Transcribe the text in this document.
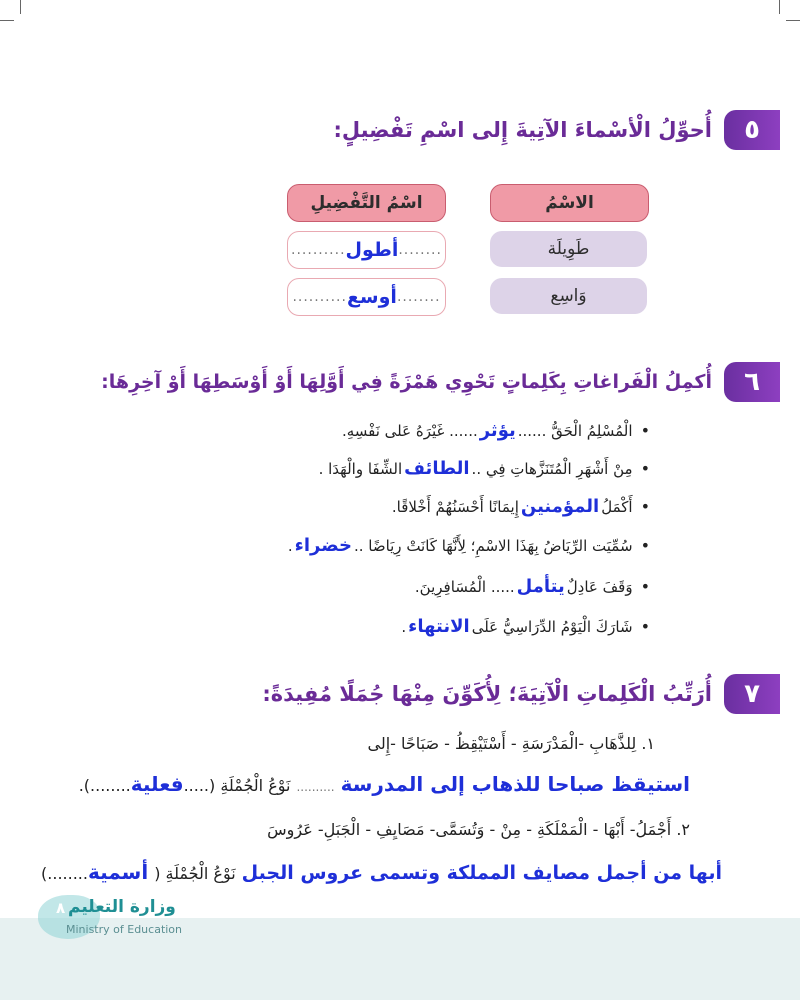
٥
أُحوِّلُ الْأسْماءَ الآتِيةَ إِلى اسْمِ تَفْضِيلٍ:
الاسْمُ
اسْمُ التَّفْضِيلِ
طَوِيلَة
........
أطول
..........
وَاسِع
........
أوسع
..........
٦
أُكمِلُ الْفَراغاتِ بِكَلِماتٍ تَحْوِي هَمْزَةً فِي أَوَّلِهَا أَوْ أَوْسَطِهَا أَوْ آخِرِهَا:
•
الْمُسْلِمُ الْحَقُّ ......
يؤثر
...... غَيْرَهُ عَلى نَفْسِهِ.
•
مِنْ أَشْهَرِ الْمُتَنَزَّهاتِ فِي ..
الطائف
الشِّفَا والْهَدَا .
•
أَكْمَلُ
المؤمنين
إِيمَانًا أَحْسَنُهُمْ أَخْلاقًا.
•
سُمِّيَت الرِّيَاضُ بِهَذَا الاسْمِ؛ لِأَنَّهَا كَانَتْ رِيَاضًا ..
خضراء
.
•
وَقَفَ عَادِلٌ
يتأمل
..... الْمُسَافِرِينَ.
•
شَارَكَ الْيَوْمُ الدِّرَاسِيُّ عَلَى
الانتهاء
.
٧
أُرَتِّبُ الْكَلِماتِ الْآتِيَةَ؛ لِأُكَوِّنَ مِنْهَا جُمَلًا مُفِيدَةً:
١. لِلذَّهَابِ -الْمَدْرَسَةِ - أَسْتَيْقِظُ - صَبَاحًا -إِلى
استيقظ صباحا للذهاب إلى المدرسة
..........
نَوْعُ الْجُمْلَةِ (.....
فعلية
........).
٢. أَجْمَلُ- أَبْهَا - الْمَمْلَكَةِ - مِنْ - وَتُسَمَّى- مَصَايِفِ - الْجَبَلِ- عَرُوسَ
أبها من أجمل مصايف المملكة وتسمى عروس الجبل
نَوْعُ الْجُمْلَةِ (
أسمية
........)
٨ وزارة التعليم
Ministry of Education
